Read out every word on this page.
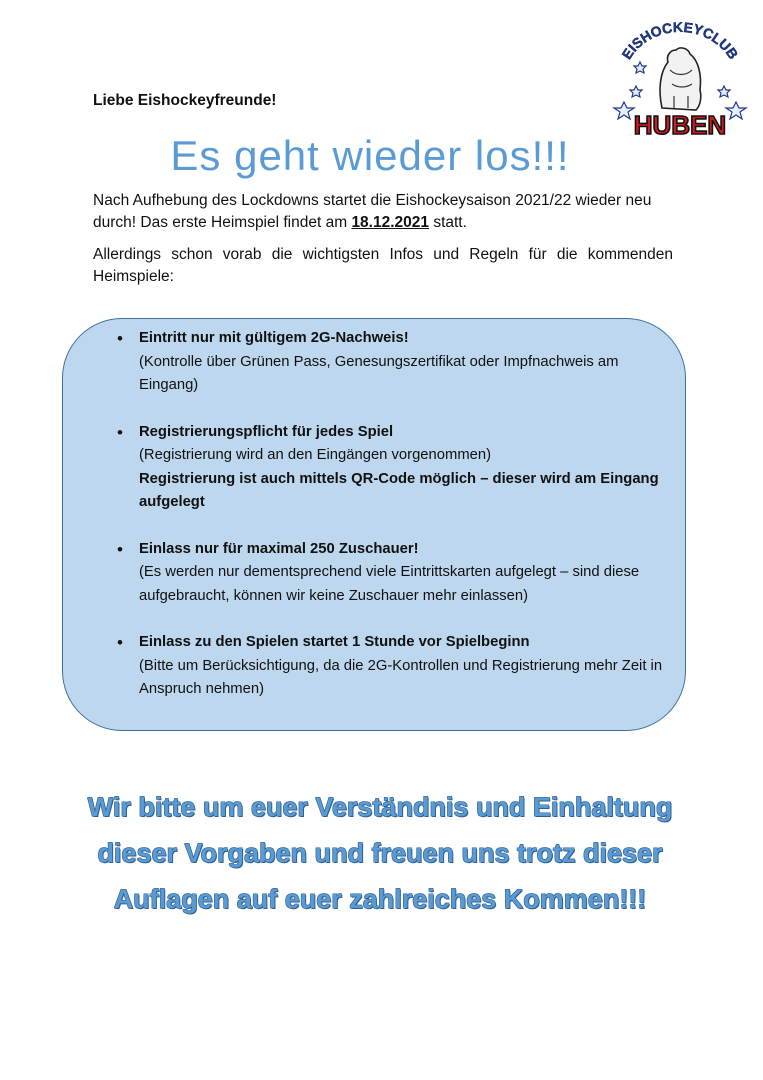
EISHOCKEYCLUB
HUBEN
Liebe Eishockeyfreunde!
Es geht wieder los!!!

Nach Aufhebung des Lockdowns startet die Eishockeysaison 2021/22 wieder neu durch! Das erste Heimspiel findet am 18.12.2021 statt.

Allerdings schon vorab die wichtigsten Infos und Regeln für die kommenden Heimspiele:

• Eintritt nur mit gültigem 2G-Nachweis!
(Kontrolle über Grünen Pass, Genesungszertifikat oder Impfnachweis am Eingang)
• Registrierungspflicht für jedes Spiel
(Registrierung wird an den Eingängen vorgenommen)
Registrierung ist auch mittels QR-Code möglich – dieser wird am Eingang aufgelegt
• Einlass nur für maximal 250 Zuschauer!
(Es werden nur dementsprechend viele Eintrittskarten aufgelegt – sind diese aufgebraucht, können wir keine Zuschauer mehr einlassen)
• Einlass zu den Spielen startet 1 Stunde vor Spielbeginn
(Bitte um Berücksichtigung, da die 2G-Kontrollen und Registrierung mehr Zeit in Anspruch nehmen)
Wir bitte um euer Verständnis und Einhaltung dieser Vorgaben und freuen uns trotz dieser Auflagen auf euer zahlreiches Kommen!!!
